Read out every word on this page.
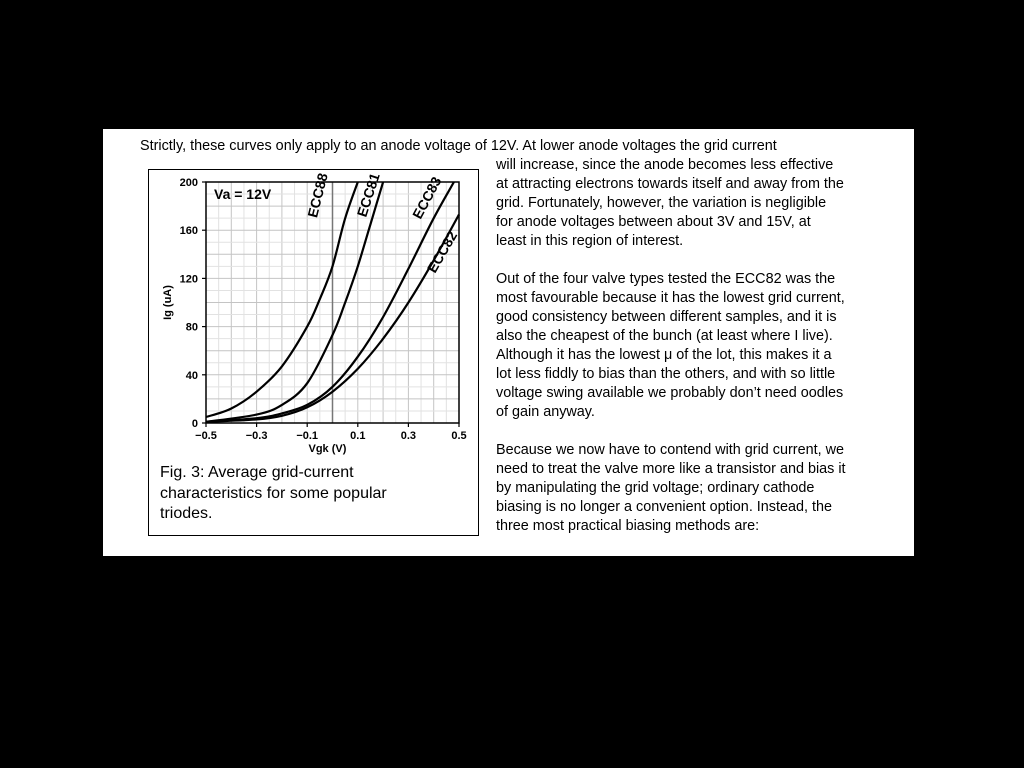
Strictly, these curves only apply to an anode voltage of 12V. At lower anode voltages the grid current

will increase, since the anode becomes less effective
at attracting electrons towards itself and away from the
grid. Fortunately, however, the variation is negligible
for anode voltages between about 3V and 15V, at
least in this region of interest.

Out of the four valve types tested the ECC82 was the
most favourable because it has the lowest grid current,
good consistency between different samples, and it is
also the cheapest of the bunch (at least where I live).
Although it has the lowest μ of the lot, this makes it a
lot less fiddly to bias than the others, and with so little
voltage swing available we probably don’t need oodles
of gain anyway.

Because we now have to contend with grid current, we
need to treat the valve more like a transistor and bias it
by manipulating the grid voltage; ordinary cathode
biasing is no longer a convenient option. Instead, the
three most practical biasing methods are:

0
40
80
120
160
200
−0.5	−0.3	−0.1	0.1	0.3	0.5
Vgk (V)
Ig (uA)
Va = 12V ECC88 ECC81 ECC83
ECC82

Fig. 3: Average grid-current
characteristics for some popular
triodes.
